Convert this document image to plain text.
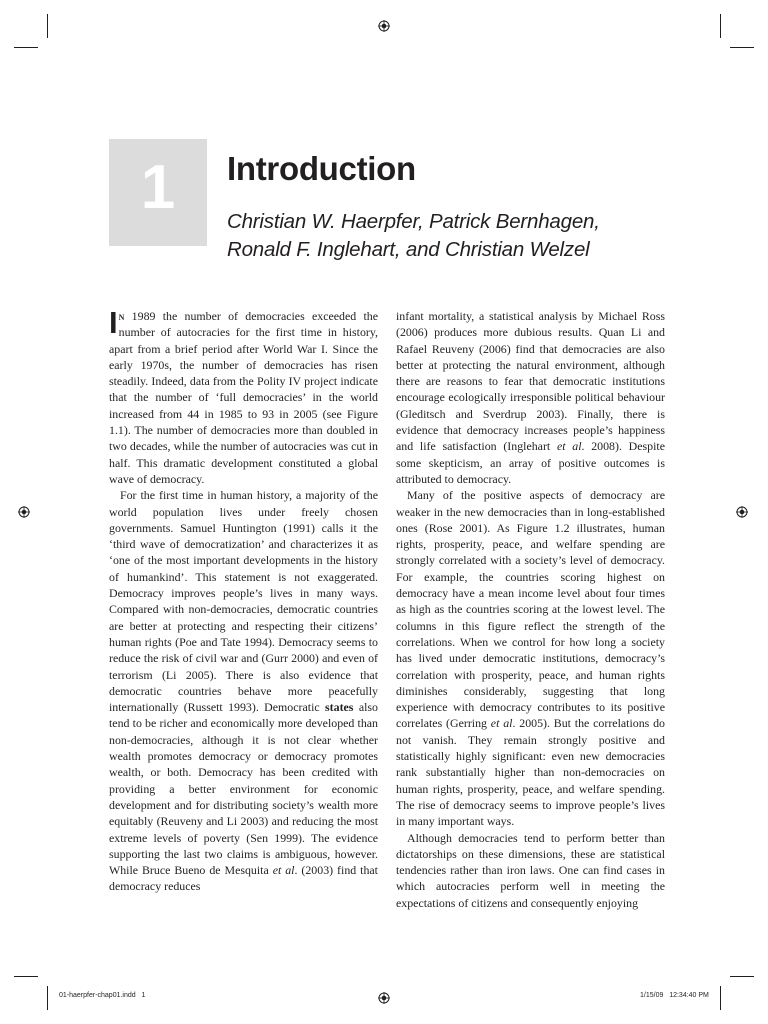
1	Introduction

Christian W. Haerpfer, Patrick Bernhagen,
Ronald F. Inglehart, and Christian Welzel

In 1989 the number of democracies exceeded the number of autocracies for the first time in history, apart from a brief period after World War I. Since the early 1970s, the number of democracies has risen steadily. Indeed, data from the Polity IV project indicate that the number of ‘full democracies’ in the world increased from 44 in 1985 to 93 in 2005 (see Figure 1.1). The number of democracies more than doubled in two decades, while the number of autocracies was cut in half. This dramatic development constituted a global wave of democracy.

For the first time in human history, a majority of the world population lives under freely chosen governments. Samuel Huntington (1991) calls it the ‘third wave of democratization’ and characterizes it as ‘one of the most important developments in the history of humankind’. This statement is not exaggerated. Democracy improves people’s lives in many ways. Compared with non-democracies, democratic countries are better at protecting and respecting their citizens’ human rights (Poe and Tate 1994). Democracy seems to reduce the risk of civil war and (Gurr 2000) and even of terrorism (Li 2005). There is also evidence that democratic countries behave more peacefully internationally (Russett 1993). Democratic states also tend to be richer and economically more developed than non-democracies, although it is not clear whether wealth promotes democracy or democracy promotes wealth, or both. Democracy has been credited with providing a better environment for economic development and for distributing society’s wealth more equitably (Reuveny and Li 2003) and reducing the most extreme levels of poverty (Sen 1999). The evidence supporting the last two claims is ambiguous, however. While Bruce Bueno de Mesquita et al. (2003) find that democracy reduces

infant mortality, a statistical analysis by Michael Ross (2006) produces more dubious results. Quan Li and Rafael Reuveny (2006) find that democracies are also better at protecting the natural environment, although there are reasons to fear that democratic institutions encourage ecologically irresponsible political behaviour (Gleditsch and Sverdrup 2003). Finally, there is evidence that democracy increases people’s happiness and life satisfaction (Inglehart et al. 2008). Despite some skepticism, an array of positive outcomes is attributed to democracy.

Many of the positive aspects of democracy are weaker in the new democracies than in long-established ones (Rose 2001). As Figure 1.2 illustrates, human rights, prosperity, peace, and welfare spending are strongly correlated with a society’s level of democracy. For example, the countries scoring highest on democracy have a mean income level about four times as high as the countries scoring at the lowest level. The columns in this figure reflect the strength of the correlations. When we control for how long a society has lived under democratic institutions, democracy’s correlation with prosperity, peace, and human rights diminishes considerably, suggesting that long experience with democracy contributes to its positive correlates (Gerring et al. 2005). But the correlations do not vanish. They remain strongly positive and statistically highly significant: even new democracies rank substantially higher than non-democracies on human rights, prosperity, peace, and welfare spending. The rise of democracy seems to improve people’s lives in many important ways.

Although democracies tend to perform better than dictatorships on these dimensions, these are statistical tendencies rather than iron laws. One can find cases in which autocracies perform well in meeting the expectations of citizens and consequently enjoying

01-haerpfer-chap01.indd   1	1/15/09   12:34:40 PM
